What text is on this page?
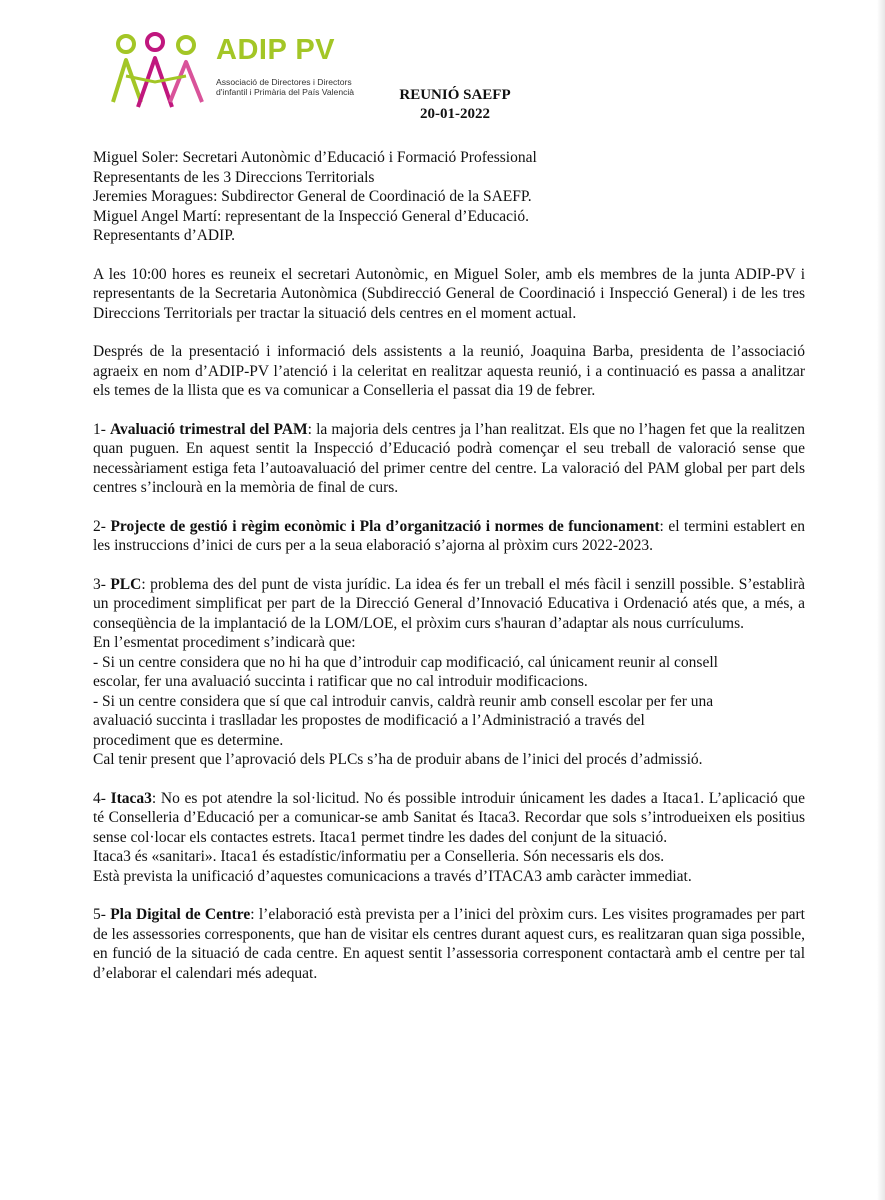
ADIP PV
Associació de Directores i Directors
d'infantil i Primària del País Valencià	REUNIÓ SAEFP
20-01-2022
Miguel Soler: Secretari Autonòmic d’Educació i Formació Professional
Representants de les 3 Direccions Territorials
Jeremies Moragues: Subdirector General de Coordinació de la SAEFP.
Miguel Angel Martí: representant de la Inspecció General d’Educació.
Representants d’ADIP.

A les 10:00 hores es reuneix el secretari Autonòmic, en Miguel Soler, amb els membres de la junta ADIP-PV i representants de la Secretaria Autonòmica (Subdirecció General de Coordinació i Inspecció General) i de les tres Direccions Territorials per tractar la situació dels centres en el moment actual.

Després de la presentació i informació dels assistents a la reunió, Joaquina Barba, presidenta de l’associació agraeix en nom d’ADIP-PV l’atenció i la celeritat en realitzar aquesta reunió, i a continuació es passa a analitzar els temes de la llista que es va comunicar a Conselleria el passat dia 19 de febrer.

1- Avaluació trimestral del PAM: la majoria dels centres ja l’han realitzat. Els que no l’hagen fet que la realitzen quan puguen. En aquest sentit la Inspecció d’Educació podrà començar el seu treball de valoració sense que necessàriament estiga feta l’autoavaluació del primer centre del centre. La valoració del PAM global per part dels centres s’inclourà en la memòria de final de curs.

2- Projecte de gestió i règim econòmic i Pla d’organització i normes de funcionament: el termini establert en les instruccions d’inici de curs per a la seua elaboració s’ajorna al pròxim curs 2022-2023.

3- PLC: problema des del punt de vista jurídic. La idea és fer un treball el més fàcil i senzill possible. S’establirà un procediment simplificat per part de la Direcció General d’Innovació Educativa i Ordenació atés que, a més, a conseqüència de la implantació de la LOM/LOE, el pròxim curs s'hauran d’adaptar als nous currículums.
En l’esmentat procediment s’indicarà que:
- Si un centre considera que no hi ha que d’introduir cap modificació, cal únicament reunir al consell
escolar, fer una avaluació succinta i ratificar que no cal introduir modificacions.
- Si un centre considera que sí que cal introduir canvis, caldrà reunir amb consell escolar per fer una
avaluació succinta i traslladar les propostes de modificació a l’Administració a través del
procediment que es determine.
Cal tenir present que l’aprovació dels PLCs s’ha de produir abans de l’inici del procés d’admissió.

4- Itaca3: No es pot atendre la sol·licitud. No és possible introduir únicament les dades a Itaca1. L’aplicació que té Conselleria d’Educació per a comunicar-se amb Sanitat és Itaca3. Recordar que sols s’introdueixen els positius sense col·locar els contactes estrets. Itaca1 permet tindre les dades del conjunt de la situació.
Itaca3 és «sanitari». Itaca1 és estadístic/informatiu per a Conselleria. Són necessaris els dos.
Està prevista la unificació d’aquestes comunicacions a través d’ITACA3 amb caràcter immediat.

5- Pla Digital de Centre: l’elaboració està prevista per a l’inici del pròxim curs. Les visites programades per part de les assessories corresponents, que han de visitar els centres durant aquest curs, es realitzaran quan siga possible, en funció de la situació de cada centre. En aquest sentit l’assessoria corresponent contactarà amb el centre per tal d’elaborar el calendari més adequat.
